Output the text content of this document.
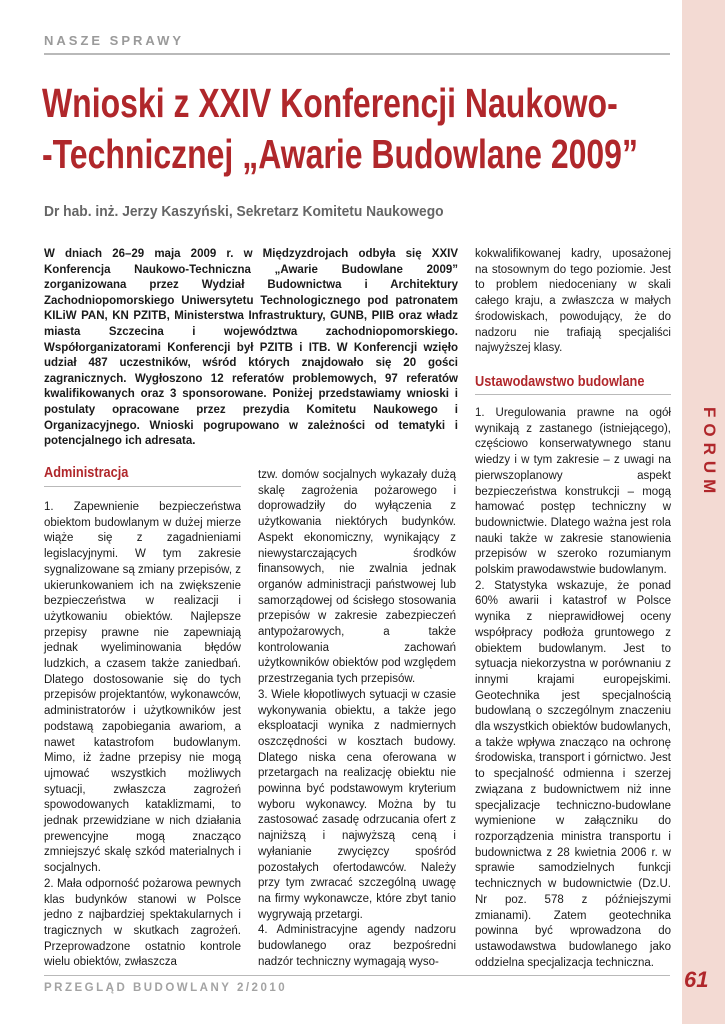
FORUM
NASZE SPRAWY
Wnioski z XXIV Konferencji Naukowo-
-Technicznej „Awarie Budowlane 2009”
Dr hab. inż. Jerzy Kaszyński, Sekretarz Komitetu Naukowego
W dniach 26–29 maja 2009 r. w Międzyzdrojach odbyła się XXIV Konferencja Naukowo-Techniczna „Awarie Budowlane 2009” zorganizowana przez Wydział Budownictwa i Architektury Zachodniopomorskiego Uniwersytetu Technologicznego pod patronatem KILiW PAN, KN PZITB, Ministerstwa Infrastruktury, GUNB, PIIB oraz władz miasta Szczecina i województwa zachodniopomorskiego. Współorganizatorami Konferencji był PZITB i ITB. W Konferencji wzięło udział 487 uczestników, wśród których znajdowało się 20 gości zagranicznych. Wygłoszono 12 referatów problemowych, 97 referatów kwalifikowanych oraz 3 sponsorowane. Poniżej przedstawiamy wnioski i postulaty opracowane przez prezydia Komitetu Naukowego i Organizacyjnego. Wnioski pogrupowano w zależności od tematyki i potencjalnego ich adresata.
Administracja

1. Zapewnienie bezpieczeństwa obiektom budowlanym w dużej mierze wiąże się z zagadnieniami legislacyjnymi. W tym zakresie sygnalizowane są zmiany przepisów, z ukierunkowaniem ich na zwiększenie bezpieczeństwa w realizacji i użytkowaniu obiektów. Najlepsze przepisy prawne nie zapewniają jednak wyeliminowania błędów ludzkich, a czasem także zaniedbań. Dlatego dostosowanie się do tych przepisów projektantów, wykonawców, administratorów i użytkowników jest podstawą zapobiegania awariom, a nawet katastrofom budowlanym. Mimo, iż żadne przepisy nie mogą ujmować wszystkich możliwych sytuacji, zwłaszcza zagrożeń spowodowanych kataklizmami, to jednak przewidziane w nich działania prewencyjne mogą znacząco zmniejszyć skalę szkód materialnych i socjalnych.

2. Mała odporność pożarowa pewnych klas budynków stanowi w Polsce jedno z najbardziej spektakularnych i tragicznych w skutkach zagrożeń. Przeprowadzone ostatnio kontrole wielu obiektów, zwłaszcza

tzw. domów socjalnych wykazały dużą skalę zagrożenia pożarowego i doprowadziły do wyłączenia z użytkowania niektórych budynków. Aspekt ekonomiczny, wynikający z niewystarczających środków finansowych, nie zwalnia jednak organów administracji państwowej lub samorządowej od ścisłego stosowania przepisów w zakresie zabezpieczeń antypożarowych, a także kontrolowania zachowań użytkowników obiektów pod względem przestrzegania tych przepisów.

3. Wiele kłopotliwych sytuacji w czasie wykonywania obiektu, a także jego eksploatacji wynika z nadmiernych oszczędności w kosztach budowy. Dlatego niska cena oferowana w przetargach na realizację obiektu nie powinna być podstawowym kryterium wyboru wykonawcy. Można by tu zastosować zasadę odrzucania ofert z najniższą i najwyższą ceną i wyłanianie zwycięzcy spośród pozostałych ofertodawców. Należy przy tym zwracać szczególną uwagę na firmy wykonawcze, które zbyt tanio wygrywają przetargi.

4. Administracyjne agendy nadzoru budowlanego oraz bezpośredni nadzór techniczny wymagają wyso-

kokwalifikowanej kadry, uposażonej na stosownym do tego poziomie. Jest to problem niedoceniany w skali całego kraju, a zwłaszcza w małych środowiskach, powodujący, że do nadzoru nie trafiają specjaliści najwyższej klasy.

Ustawodawstwo budowlane

1. Uregulowania prawne na ogół wynikają z zastanego (istniejącego), częściowo konserwatywnego stanu wiedzy i w tym zakresie – z uwagi na pierwszoplanowy aspekt bezpieczeństwa konstrukcji – mogą hamować postęp techniczny w budownictwie. Dlatego ważna jest rola nauki także w zakresie stanowienia przepisów w szeroko rozumianym polskim prawodawstwie budowlanym.

2. Statystyka wskazuje, że ponad 60% awarii i katastrof w Polsce wynika z nieprawidłowej oceny współpracy podłoża gruntowego z obiektem budowlanym. Jest to sytuacja niekorzystna w porównaniu z innymi krajami europejskimi. Geotechnika jest specjalnością budowlaną o szczególnym znaczeniu dla wszystkich obiektów budowlanych, a także wpływa znacząco na ochronę środowiska, transport i górnictwo. Jest to specjalność odmienna i szerzej związana z budownictwem niż inne specjalizacje techniczno-budowlane wymienione w załączniku do rozporządzenia ministra transportu i budownictwa z 28 kwietnia 2006 r. w sprawie samodzielnych funkcji technicznych w budownictwie (Dz.U. Nr poz. 578 z późniejszymi zmianami). Zatem geotechnika powinna być wprowadzona do ustawodawstwa budowlanego jako oddzielna specjalizacja techniczna.

PRZEGLĄD BUDOWLANY 2/2010	61
